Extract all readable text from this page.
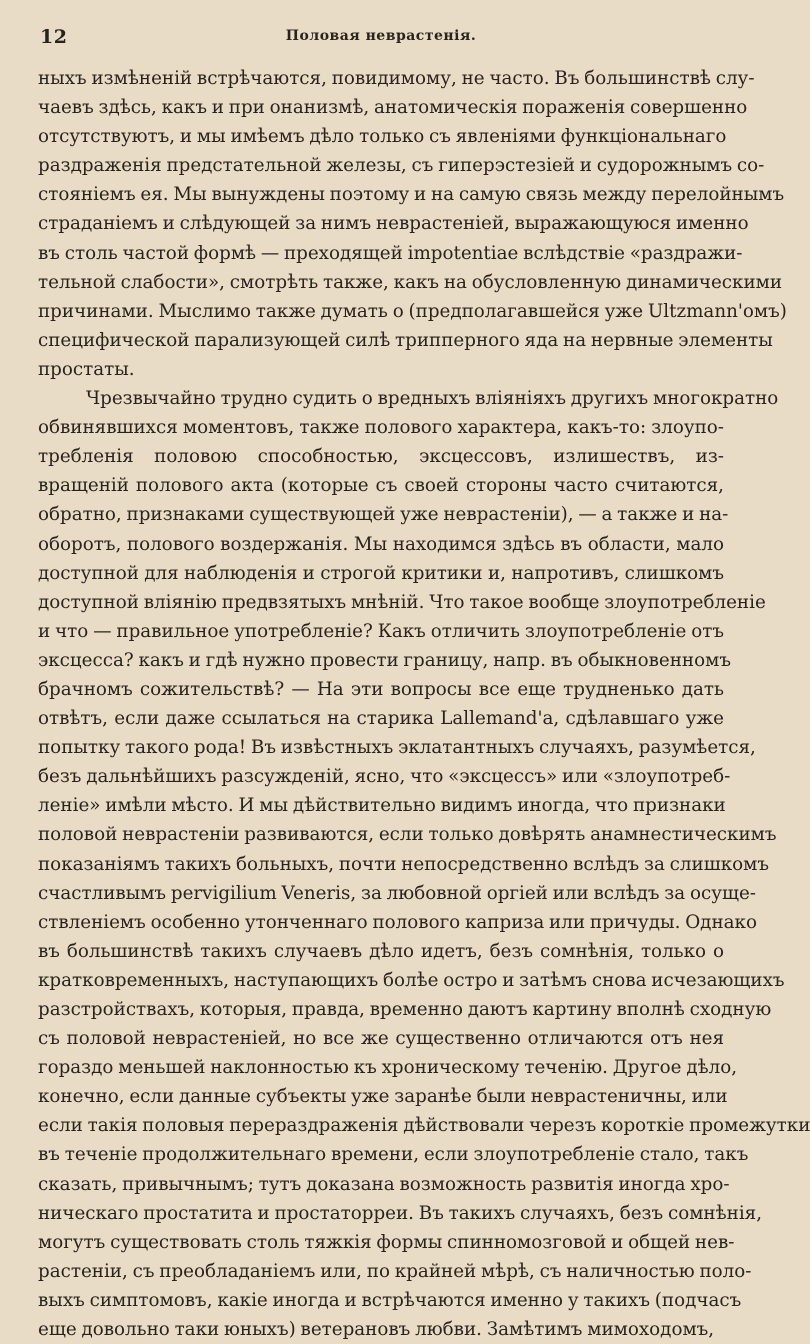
12	Половая неврастенія.
ныхъ измѣненій встрѣчаются, повидимому, не часто. Въ большинствѣ слу-
чаевъ здѣсь, какъ и при онанизмѣ, анатомическія пораженія совершенно
отсутствуютъ, и мы имѣемъ дѣло только съ явленіями функціональнаго
раздраженія предстательной железы, съ гиперэстезіей и судорожнымъ со-
стояніемъ ея. Мы вынуждены поэтому и на самую связь между перелойнымъ
страданіемъ и слѣдующей за нимъ неврастеніей, выражающуюся именно
въ столь частой формѣ — преходящей impotentiae вслѣдствіе «раздражи-
тельной слабости», смотрѣть также, какъ на обусловленную динамическими
причинами. Мыслимо также думать о (предполагавшейся уже Ultzmann'омъ)
специфической парализующей силѣ трипперного яда на нервные элементы
простаты.
Чрезвычайно трудно судить о вредныхъ вліяніяхъ другихъ многократно
обвинявшихся моментовъ, также полового характера, какъ-то: злоупо-
требленія половою способностью, эксцессовъ, излишествъ, из-
вращеній полового акта (которые съ своей стороны часто считаются,
обратно, признаками существующей уже неврастеніи), — а также и на-
оборотъ, полового воздержанія. Мы находимся здѣсь въ области, мало
доступной для наблюденія и строгой критики и, напротивъ, слишкомъ
доступной вліянію предвзятыхъ мнѣній. Что такое вообще злоупотребленіе
и что — правильное употребленіе? Какъ отличить злоупотребленіе отъ
эксцесса? какъ и гдѣ нужно провести границу, напр. въ обыкновенномъ
брачномъ сожительствѣ? — На эти вопросы все еще трудненько дать
отвѣтъ, если даже ссылаться на старика Lallemand'а, сдѣлавшаго уже
попытку такого рода! Въ извѣстныхъ эклатантныхъ случаяхъ, разумѣется,
безъ дальнѣйшихъ разсужденій, ясно, что «эксцессъ» или «злоупотреб-
леніе» имѣли мѣсто. И мы дѣйствительно видимъ иногда, что признаки
половой неврастеніи развиваются, если только довѣрять анамнестическимъ
показаніямъ такихъ больныхъ, почти непосредственно вслѣдъ за слишкомъ
счастливымъ pervigilium Veneris, за любовной оргіей или вслѣдъ за осуще-
ствленіемъ особенно утонченнаго полового каприза или причуды. Однако
въ большинствѣ такихъ случаевъ дѣло идетъ, безъ сомнѣнія, только о
кратковременныхъ, наступающихъ болѣе остро и затѣмъ снова исчезающихъ
разстройствахъ, которыя, правда, временно даютъ картину вполнѣ сходную
съ половой неврастеніей, но все же существенно отличаются отъ нея
гораздо меньшей наклонностью къ хроническому теченію. Другое дѣло,
конечно, если данные субъекты уже заранѣе были неврастеничны, или
если такія половыя перераздраженія дѣйствовали черезъ короткіе промежутки
въ теченіе продолжительнаго времени, если злоупотребленіе стало, такъ
сказать, привычнымъ; тутъ доказана возможность развитія иногда хро-
ническаго простатита и простаторреи. Въ такихъ случаяхъ, безъ сомнѣнія,
могутъ существовать столь тяжкія формы спинномозговой и общей нев-
растеніи, съ преобладаніемъ или, по крайней мѣрѣ, съ наличностью поло-
выхъ симптомовъ, какіе иногда и встрѣчаются именно у такихъ (подчасъ
еще довольно таки юныхъ) ветерановъ любви. Замѣтимъ мимоходомъ,
